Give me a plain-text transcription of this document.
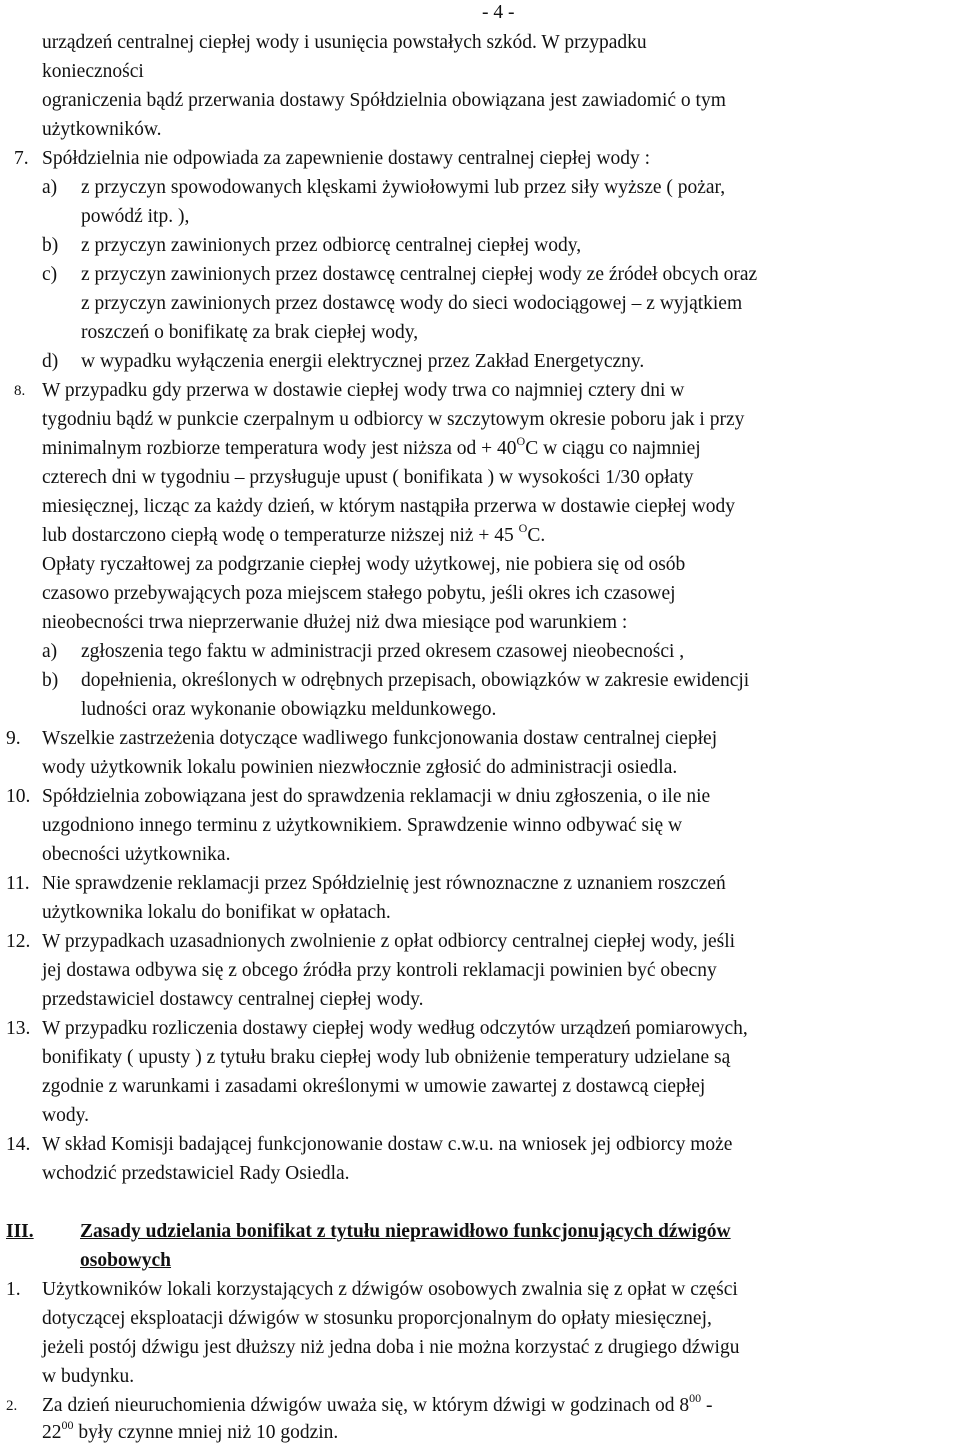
- 4 -
urządzeń centralnej ciepłej wody i usunięcia powstałych szkód. W przypadku
konieczności
ograniczenia bądź przerwania dostawy Spółdzielnia obowiązana jest zawiadomić o tym
użytkowników.
7. Spółdzielnia nie odpowiada za zapewnienie dostawy centralnej ciepłej wody :
a) z przyczyn spowodowanych klęskami żywiołowymi lub przez siły wyższe ( pożar,
powódź itp. ),
b) z przyczyn zawinionych przez odbiorcę centralnej ciepłej wody,
c) z przyczyn zawinionych przez dostawcę centralnej ciepłej wody ze źródeł obcych oraz
z przyczyn zawinionych przez dostawcę wody do sieci wodociągowej – z wyjątkiem
roszczeń o bonifikatę za brak ciepłej wody,
d) w wypadku wyłączenia energii elektrycznej przez Zakład Energetyczny.
8. W przypadku gdy przerwa w dostawie ciepłej wody trwa co najmniej cztery dni w
tygodniu bądź w punkcie czerpalnym u odbiorcy w szczytowym okresie poboru jak i przy
minimalnym rozbiorze temperatura wody jest niższa od + $40^OC$ w ciągu co najmniej
czterech dni w tygodniu – przysługuje upust ( bonifikata ) w wysokości 1/30 opłaty
miesięcznej, licząc za każdy dzień, w którym nastąpiła przerwa w dostawie ciepłej wody
lub dostarczono ciepłą wodę o temperaturze niższej niż + 45 $^O$C.
Opłaty ryczałtowej za podgrzanie ciepłej wody użytkowej, nie pobiera się od osób
czasowo przebywających poza miejscem stałego pobytu, jeśli okres ich czasowej
nieobecności trwa nieprzerwanie dłużej niż dwa miesiące pod warunkiem :
a) zgłoszenia tego faktu w administracji przed okresem czasowej nieobecności ,
b) dopełnienia, określonych w odrębnych przepisach, obowiązków w zakresie ewidencji
ludności oraz wykonanie obowiązku meldunkowego.
9. Wszelkie zastrzeżenia dotyczące wadliwego funkcjonowania dostaw centralnej ciepłej
wody użytkownik lokalu powinien niezwłocznie zgłosić do administracji osiedla.
10. Spółdzielnia zobowiązana jest do sprawdzenia reklamacji w dniu zgłoszenia, o ile nie
uzgodniono innego terminu z użytkownikiem. Sprawdzenie winno odbywać się w
obecności użytkownika.
11. Nie sprawdzenie reklamacji przez Spółdzielnię jest równoznaczne z uznaniem roszczeń
użytkownika lokalu do bonifikat w opłatach.
12. W przypadkach uzasadnionych zwolnienie z opłat odbiorcy centralnej ciepłej wody, jeśli
jej dostawa odbywa się z obcego źródła przy kontroli reklamacji powinien być obecny
przedstawiciel dostawcy centralnej ciepłej wody.
13. W przypadku rozliczenia dostawy ciepłej wody według odczytów urządzeń pomiarowych,
bonifikaty ( upusty ) z tytułu braku ciepłej wody lub obniżenie temperatury udzielane są
zgodnie z warunkami i zasadami określonymi w umowie zawartej z dostawcą ciepłej
wody.
14. W skład Komisji badającej funkcjonowanie dostaw c.w.u. na wniosek jej odbiorcy może
wchodzić przedstawiciel Rady Osiedla.
III. Zasady udzielania bonifikat z tytułu nieprawidłowo funkcjonujących dźwigów
osobowych
1. Użytkowników lokali korzystających z dźwigów osobowych zwalnia się z opłat w części
dotyczącej eksploatacji dźwigów w stosunku proporcjonalnym do opłaty miesięcznej,
jeżeli postój dźwigu jest dłuższy niż jedna doba i nie można korzystać z drugiego dźwigu
w budynku.
2. Za dzień nieuruchomienia dźwigów uważa się, w którym dźwigi w godzinach od $8^{00}$ -
$22^{00}$ były czynne mniej niż 10 godzin.
